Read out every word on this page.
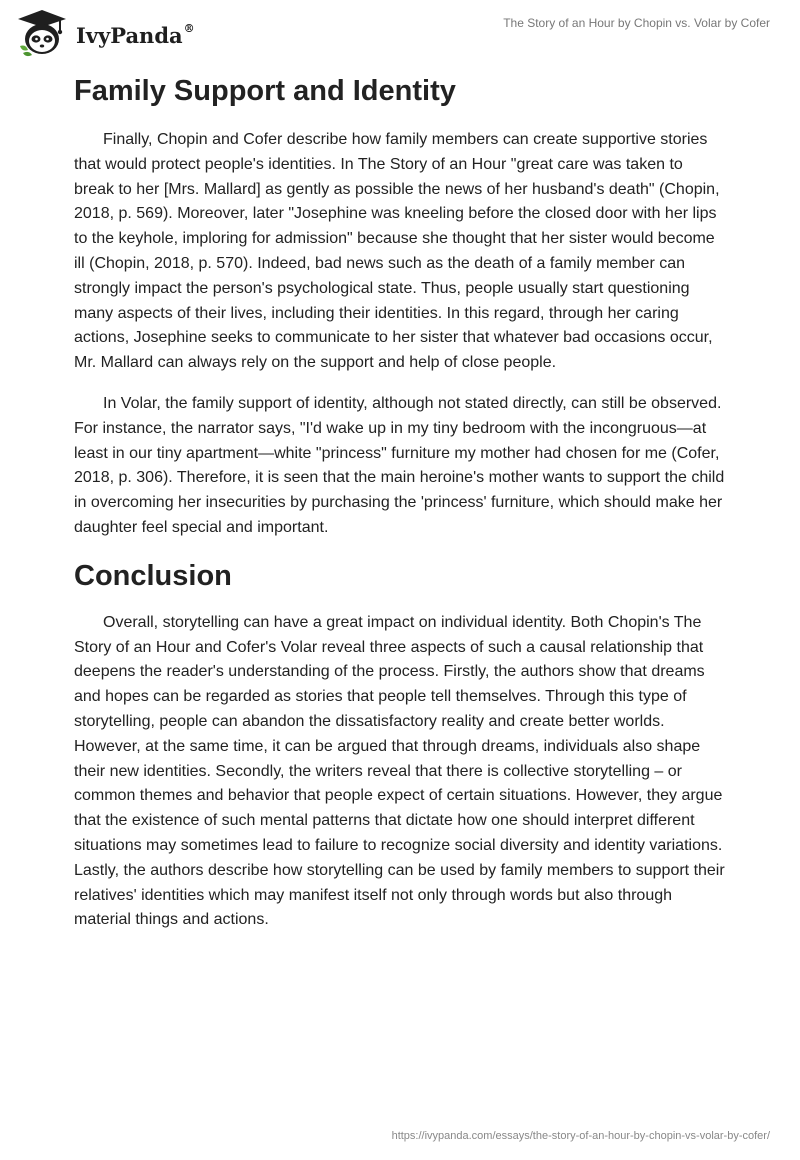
IvyPanda®	The Story of an Hour by Chopin vs. Volar by Cofer
Family Support and Identity

Finally, Chopin and Cofer describe how family members can create supportive stories that would protect people's identities. In The Story of an Hour "great care was taken to break to her [Mrs. Mallard] as gently as possible the news of her husband's death" (Chopin, 2018, p. 569). Moreover, later "Josephine was kneeling before the closed door with her lips to the keyhole, imploring for admission" because she thought that her sister would become ill (Chopin, 2018, p. 570). Indeed, bad news such as the death of a family member can strongly impact the person's psychological state. Thus, people usually start questioning many aspects of their lives, including their identities. In this regard, through her caring actions, Josephine seeks to communicate to her sister that whatever bad occasions occur, Mr. Mallard can always rely on the support and help of close people.

In Volar, the family support of identity, although not stated directly, can still be observed. For instance, the narrator says, "I'd wake up in my tiny bedroom with the incongruous—at least in our tiny apartment—white "princess" furniture my mother had chosen for me (Cofer, 2018, p. 306). Therefore, it is seen that the main heroine's mother wants to support the child in overcoming her insecurities by purchasing the 'princess' furniture, which should make her daughter feel special and important.

Conclusion

Overall, storytelling can have a great impact on individual identity. Both Chopin's The Story of an Hour and Cofer's Volar reveal three aspects of such a causal relationship that deepens the reader's understanding of the process. Firstly, the authors show that dreams and hopes can be regarded as stories that people tell themselves. Through this type of storytelling, people can abandon the dissatisfactory reality and create better worlds. However, at the same time, it can be argued that through dreams, individuals also shape their new identities. Secondly, the writers reveal that there is collective storytelling – or common themes and behavior that people expect of certain situations. However, they argue that the existence of such mental patterns that dictate how one should interpret different situations may sometimes lead to failure to recognize social diversity and identity variations. Lastly, the authors describe how storytelling can be used by family members to support their relatives' identities which may manifest itself not only through words but also through material things and actions.

https://ivypanda.com/essays/the-story-of-an-hour-by-chopin-vs-volar-by-cofer/
